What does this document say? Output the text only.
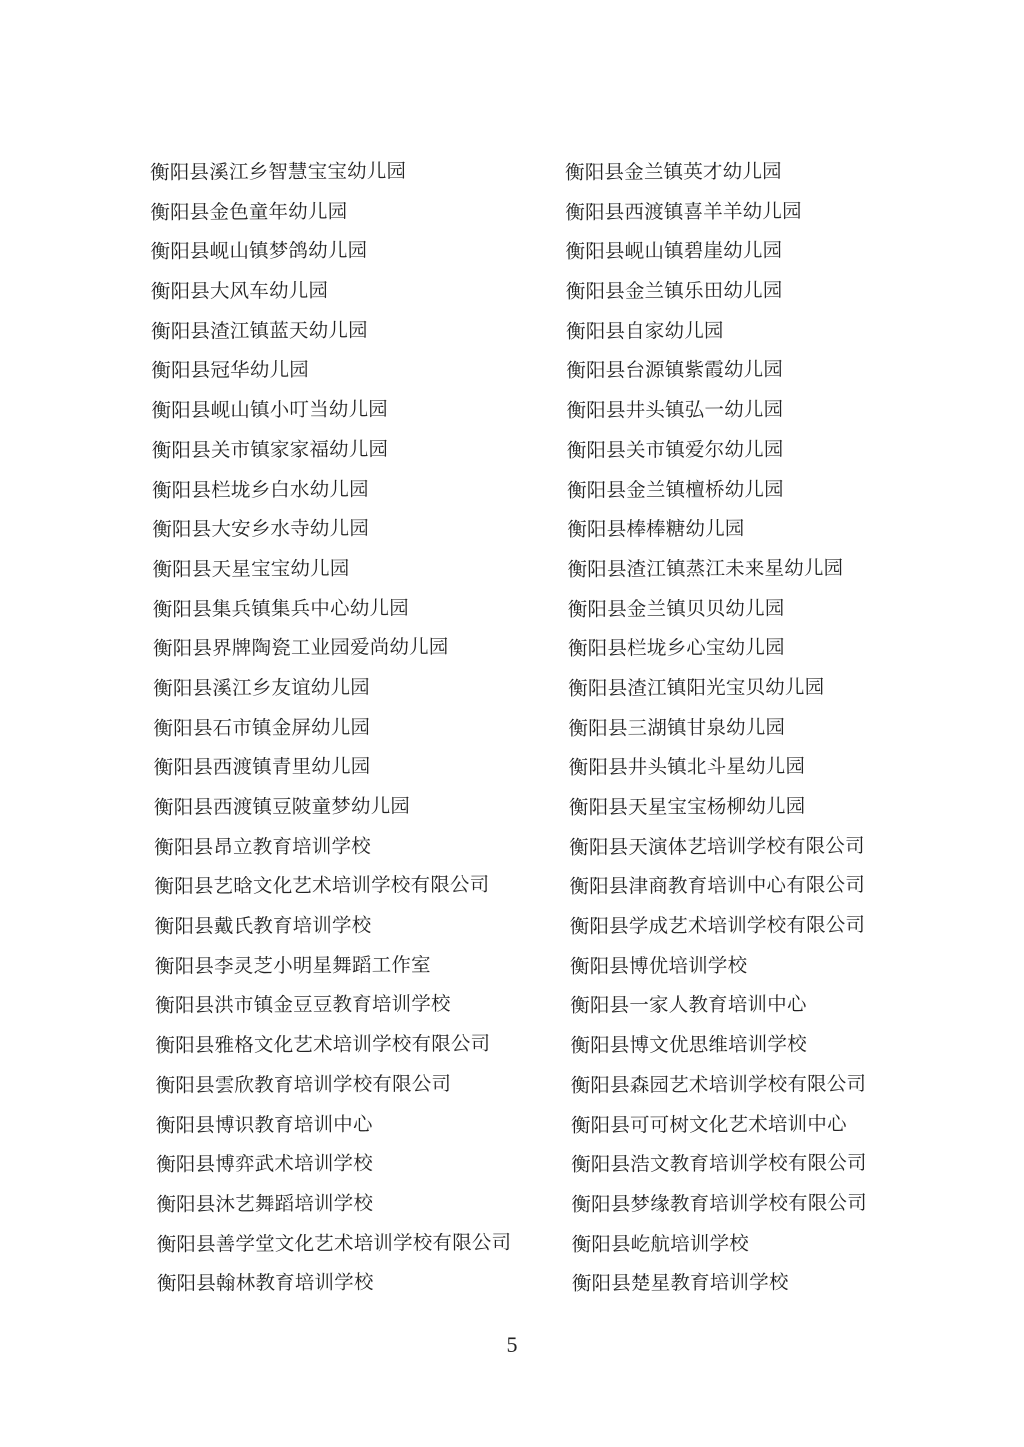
衡阳县溪江乡智慧宝宝幼儿园
衡阳县金色童年幼儿园
衡阳县岘山镇梦鸽幼儿园
衡阳县大风车幼儿园
衡阳县渣江镇蓝天幼儿园
衡阳县冠华幼儿园
衡阳县岘山镇小叮当幼儿园
衡阳县关市镇家家福幼儿园
衡阳县栏垅乡白水幼儿园
衡阳县大安乡水寺幼儿园
衡阳县天星宝宝幼儿园
衡阳县集兵镇集兵中心幼儿园
衡阳县界牌陶瓷工业园爱尚幼儿园
衡阳县溪江乡友谊幼儿园
衡阳县石市镇金屏幼儿园
衡阳县西渡镇青里幼儿园
衡阳县西渡镇豆陂童梦幼儿园
衡阳县昂立教育培训学校
衡阳县艺晗文化艺术培训学校有限公司
衡阳县戴氏教育培训学校
衡阳县李灵芝小明星舞蹈工作室
衡阳县洪市镇金豆豆教育培训学校
衡阳县雅格文化艺术培训学校有限公司
衡阳县雲欣教育培训学校有限公司
衡阳县博识教育培训中心
衡阳县博弈武术培训学校
衡阳县沐艺舞蹈培训学校
衡阳县善学堂文化艺术培训学校有限公司
衡阳县翰林教育培训学校
衡阳县金兰镇英才幼儿园
衡阳县西渡镇喜羊羊幼儿园
衡阳县岘山镇碧崖幼儿园
衡阳县金兰镇乐田幼儿园
衡阳县自家幼儿园
衡阳县台源镇紫霞幼儿园
衡阳县井头镇弘一幼儿园
衡阳县关市镇爱尔幼儿园
衡阳县金兰镇檀桥幼儿园
衡阳县棒棒糖幼儿园
衡阳县渣江镇蒸江未来星幼儿园
衡阳县金兰镇贝贝幼儿园
衡阳县栏垅乡心宝幼儿园
衡阳县渣江镇阳光宝贝幼儿园
衡阳县三湖镇甘泉幼儿园
衡阳县井头镇北斗星幼儿园
衡阳县天星宝宝杨柳幼儿园
衡阳县天演体艺培训学校有限公司
衡阳县津商教育培训中心有限公司
衡阳县学成艺术培训学校有限公司
衡阳县博优培训学校
衡阳县一家人教育培训中心
衡阳县博文优思维培训学校
衡阳县森园艺术培训学校有限公司
衡阳县可可树文化艺术培训中心
衡阳县浩文教育培训学校有限公司
衡阳县梦缘教育培训学校有限公司
衡阳县屹航培训学校
衡阳县楚星教育培训学校
5
